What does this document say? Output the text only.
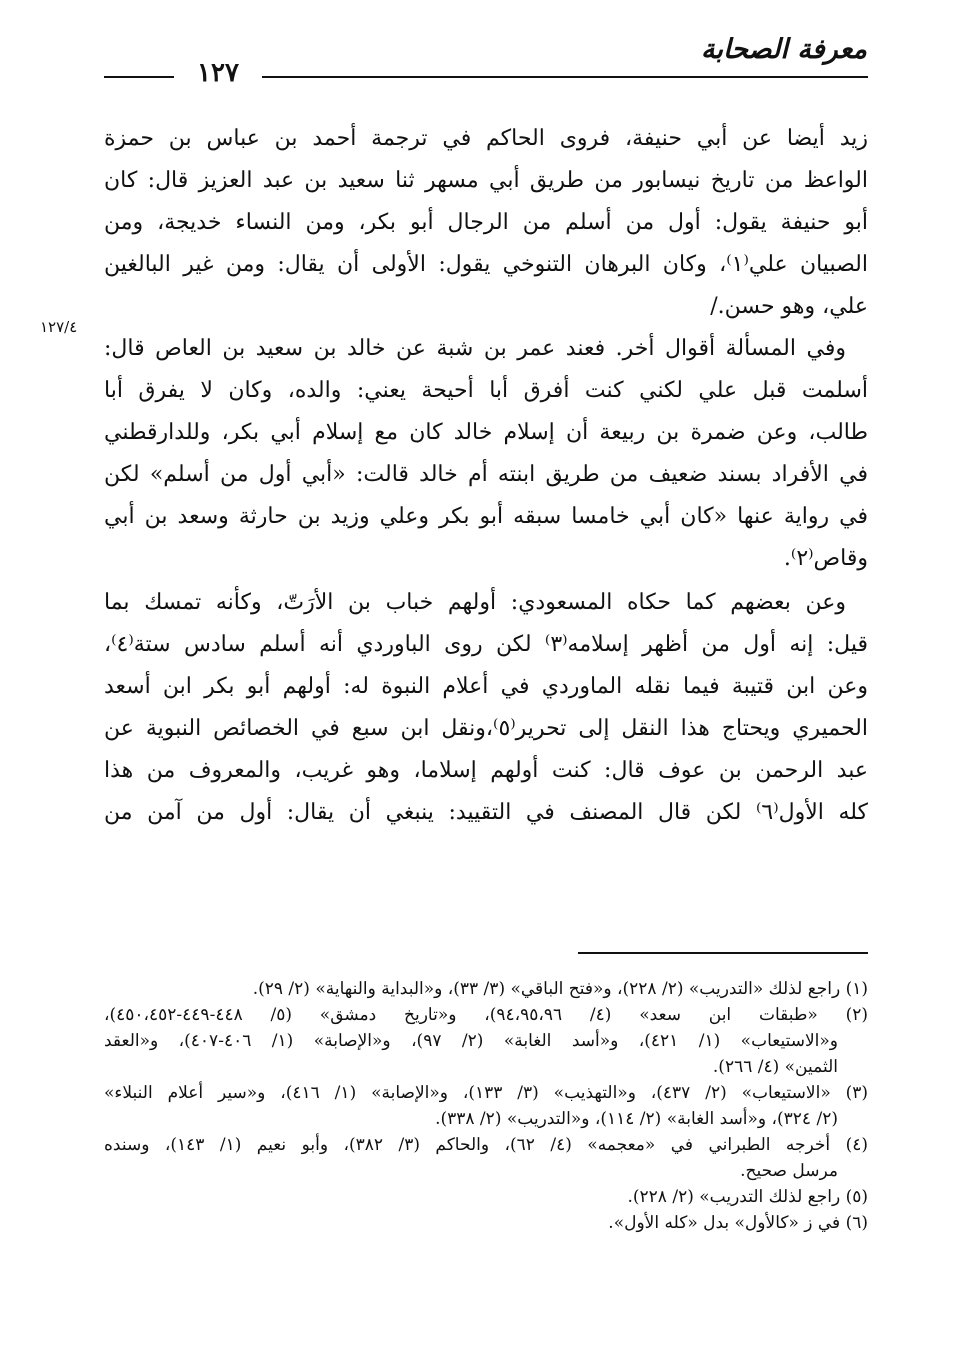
معرفة الصحابة
١٢٧
١٢٧/٤
زيد أيضا عن أبي حنيفة، فروى الحاكم في ترجمة أحمد بن عباس بن حمزة
الواعظ من تاريخ نيسابور من طريق أبي مسهر ثنا سعيد بن عبد العزيز قال: كان
أبو حنيفة يقول: أول من أسلم من الرجال أبو بكر، ومن النساء خديجة، ومن
الصبيان علي⁽١⁾، وكان البرهان التنوخي يقول: الأولى أن يقال: ومن غير البالغين
علي، وهو حسن./
وفي المسألة أقوال أخر. فعند عمر بن شبة عن خالد بن سعيد بن العاص قال:
أسلمت قبل علي لكني كنت أفرق أبا أحيحة يعني: والده، وكان لا يفرق أبا
طالب، وعن ضمرة بن ربيعة أن إسلام خالد كان مع إسلام أبي بكر، وللدارقطني
في الأفراد بسند ضعيف من طريق ابنته أم خالد قالت: «أبي أول من أسلم» لكن
في رواية عنها «كان أبي خامسا سبقه أبو بكر وعلي وزيد بن حارثة وسعد بن أبي
وقاص⁽٢⁾.
وعن بعضهم كما حكاه المسعودي: أولهم خباب بن الأرَتّ، وكأنه تمسك بما
قيل: إنه أول من أظهر إسلامه⁽٣⁾ لكن روى الباوردي أنه أسلم سادس ستة⁽٤⁾،
وعن ابن قتيبة فيما نقله الماوردي في أعلام النبوة له: أولهم أبو بكر ابن أسعد
الحميري ويحتاج هذا النقل إلى تحرير⁽٥⁾،ونقل ابن سبع في الخصائص النبوية عن
عبد الرحمن بن عوف قال: كنت أولهم إسلاما، وهو غريب، والمعروف من هذا
كله الأول⁽٦⁾ لكن قال المصنف في التقييد: ينبغي أن يقال: أول من آمن من
(١) راجع لذلك «التدريب» (٢/ ٢٢٨)، و«فتح الباقي» (٣/ ٣٣)، و«البداية والنهاية» (٢/ ٢٩).
(٢) «طبقات ابن سعد» (٤/ ٩٤،٩٥،٩٦)، و«تاريخ دمشق» (٥/ ٤٤٨-٤٤٩-٤٥٠،٤٥٢)،
و«الاستيعاب» (١/ ٤٢١)، و«أسد الغابة» (٢/ ٩٧)، و«الإصابة» (١/ ٤٠٦-٤٠٧)، و«العقد
الثمين» (٤/ ٢٦٦).
(٣) «الاستيعاب» (٢/ ٤٣٧)، و«التهذيب» (٣/ ١٣٣)، و«الإصابة» (١/ ٤١٦)، و«سير أعلام النبلاء»
(٢/ ٣٢٤)، و«أسد الغابة» (٢/ ١١٤)، و«التدريب» (٢/ ٣٣٨).
(٤) أخرجه الطبراني في «معجمه» (٤/ ٦٢)، والحاكم (٣/ ٣٨٢)، وأبو نعيم (١/ ١٤٣)، وسنده
مرسل صحيح.
(٥) راجع لذلك التدريب» (٢/ ٢٢٨).
(٦) في ز «كالأول» بدل «كله الأول».
